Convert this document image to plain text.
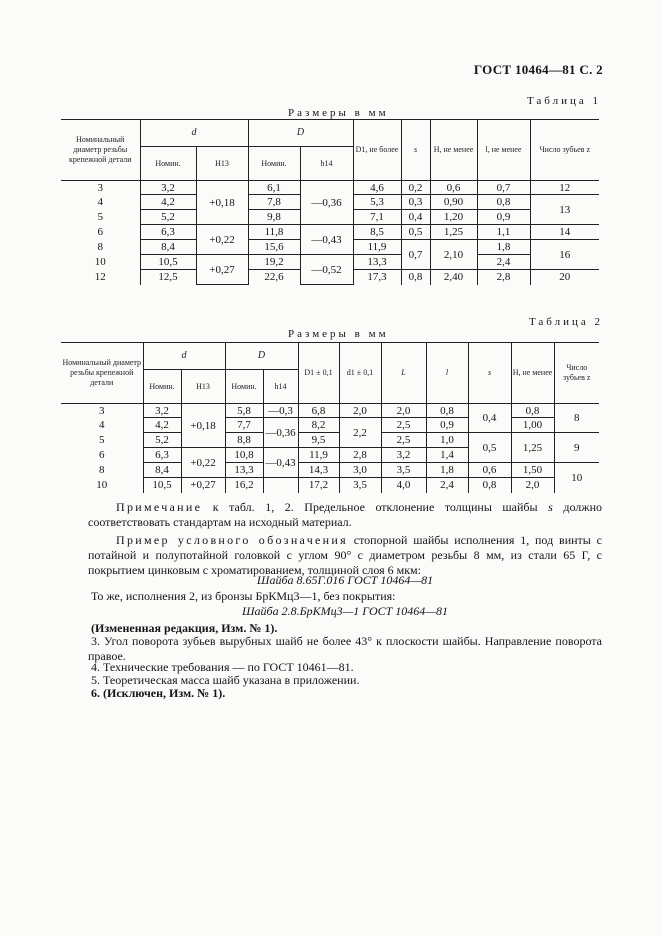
ГОСТ 10464—81 С. 2
Таблица 1
Размеры в мм
Номинальный диаметр резьбы крепежной детали	d		D		D1, не более	s	H, не менее	l, не менее	Число зубьев z
	Номин.	H13	Номин.	h14					
3	3,2	+0,18	6,1	—0,36	4,6	0,2	0,6	0,7	12
4	4,2		7,8		5,3	0,3	0,90	0,8	13
5	5,2		9,8		7,1	0,4	1,20	0,9	
6	6,3	+0,22	11,8	—0,43	8,5	0,5	1,25	1,1	14
8	8,4		15,6		11,9	0,7	2,10	1,8	16
10	10,5	+0,27	19,2	—0,52	13,3			2,4	
12	12,5		22,6		17,3	0,8	2,40	2,8	20
Таблица 2
Размеры в мм
Номинальный диаметр резьбы крепежной детали	d		D		D1 ± 0,1	d1 ± 0,1	L	l	s	H, не менее	Число зубьев z
	Номин.	H13	Номин.	h14							
3	3,2	+0,18	5,8	—0,3	6,8	2,0	2,0	0,8	0,4	0,8	8
4	4,2		7,7	—0,36	8,2	2,2	2,5	0,9		1,00	
5	5,2		8,8		9,5		2,5	1,0	0,5	1,25	9
6	6,3	+0,22	10,8	—0,43	11,9	2,8	3,2	1,4			
8	8,4		13,3		14,3	3,0	3,5	1,8	0,6	1,50	10
10	10,5	+0,27	16,2		17,2	3,5	4,0	2,4	0,8	2,0	
Примечание к табл. 1, 2. Предельное отклонение толщины шайбы s должно соответствовать стандартам на исходный материал.
Пример условного обозначения стопорной шайбы исполнения 1, под винты с потайной и полупотайной головкой с углом 90° с диаметром резьбы 8 мм, из стали 65 Г, с покрытием цинковым с хроматированием, толщиной слоя 6 мкм:
Шайба 8.65Г.016 ГОСТ 10464—81
То же, исполнения 2, из бронзы БрКМц3—1, без покрытия:
Шайба 2.8.БрКМц3—1 ГОСТ 10464—81
(Измененная редакция, Изм. № 1).
3. Угол поворота зубьев вырубных шайб не более 43° к плоскости шайбы. Направление поворота правое.
4. Технические требования — по ГОСТ 10461—81.
5. Теоретическая масса шайб указана в приложении.
6. (Исключен, Изм. № 1).
